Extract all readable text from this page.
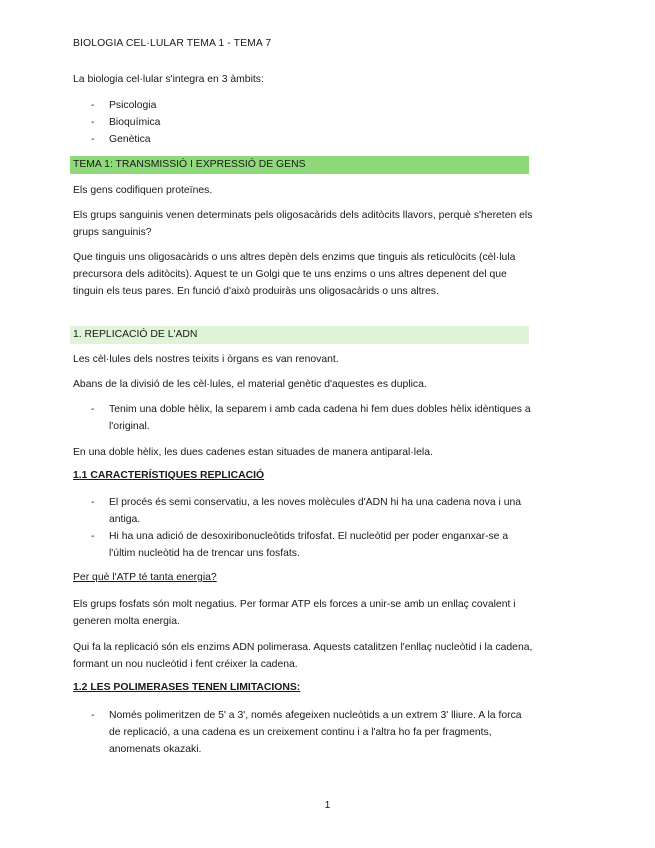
BIOLOGIA CEL·LULAR TEMA 1 - TEMA 7

La biologia cel·lular s'integra en 3 àmbits:

- Psicologia
- Bioquímica
- Genètica
TEMA 1: TRANSMISSIÓ I EXPRESSIÓ DE GENS

Els gens codifiquen proteïnes.

Els grups sanguinis venen determinats pels oligosacàrids dels aditòcits llavors, perquè s'hereten els grups sanguinis?

Que tinguis uns oligosacàrids o uns altres depèn dels enzims que tinguis als reticulòcits (cèl·lula precursora dels aditòcits). Aquest te un Golgi que te uns enzims o uns altres depenent del que tinguin els teus pares. En funció d'això produiràs uns oligosacàrids o uns altres.

1. REPLICACIÓ DE L'ADN

Les cèl·lules dels nostres teixits i òrgans es van renovant.

Abans de la divisió de les cèl·lules, el material genètic d'aquestes es duplica.

- Tenim una doble hèlix, la separem i amb cada cadena hi fem dues dobles hèlix idèntiques a l'original.

En una doble hèlix, les dues cadenes estan situades de manera antiparal·lela.

1.1 CARACTERÍSTIQUES REPLICACIÓ
- El procés és semi conservatiu, a les noves molècules d'ADN hi ha una cadena nova i una antiga.
- Hi ha una adició de desoxiribonucleòtids trifosfat. El nucleòtid per poder enganxar-se a l'últim nucleòtid ha de trencar uns fosfats.
Per què l'ATP té tanta energia?

Els grups fosfats són molt negatius. Per formar ATP els forces a unir-se amb un enllaç covalent i generen molta energia.

Qui fa la replicació són els enzims ADN polimerasa. Aquests catalitzen l'enllaç nucleòtid i la cadena, formant un nou nucleòtid i fent créixer la cadena.

1.2 LES POLIMERASES TENEN LIMITACIONS:
- Només polimeritzen de 5' a 3', només afegeixen nucleòtids a un extrem 3' lliure. A la forca de replicació, a una cadena es un creixement continu i a l'altra ho fa per fragments, anomenats okazaki.
1
